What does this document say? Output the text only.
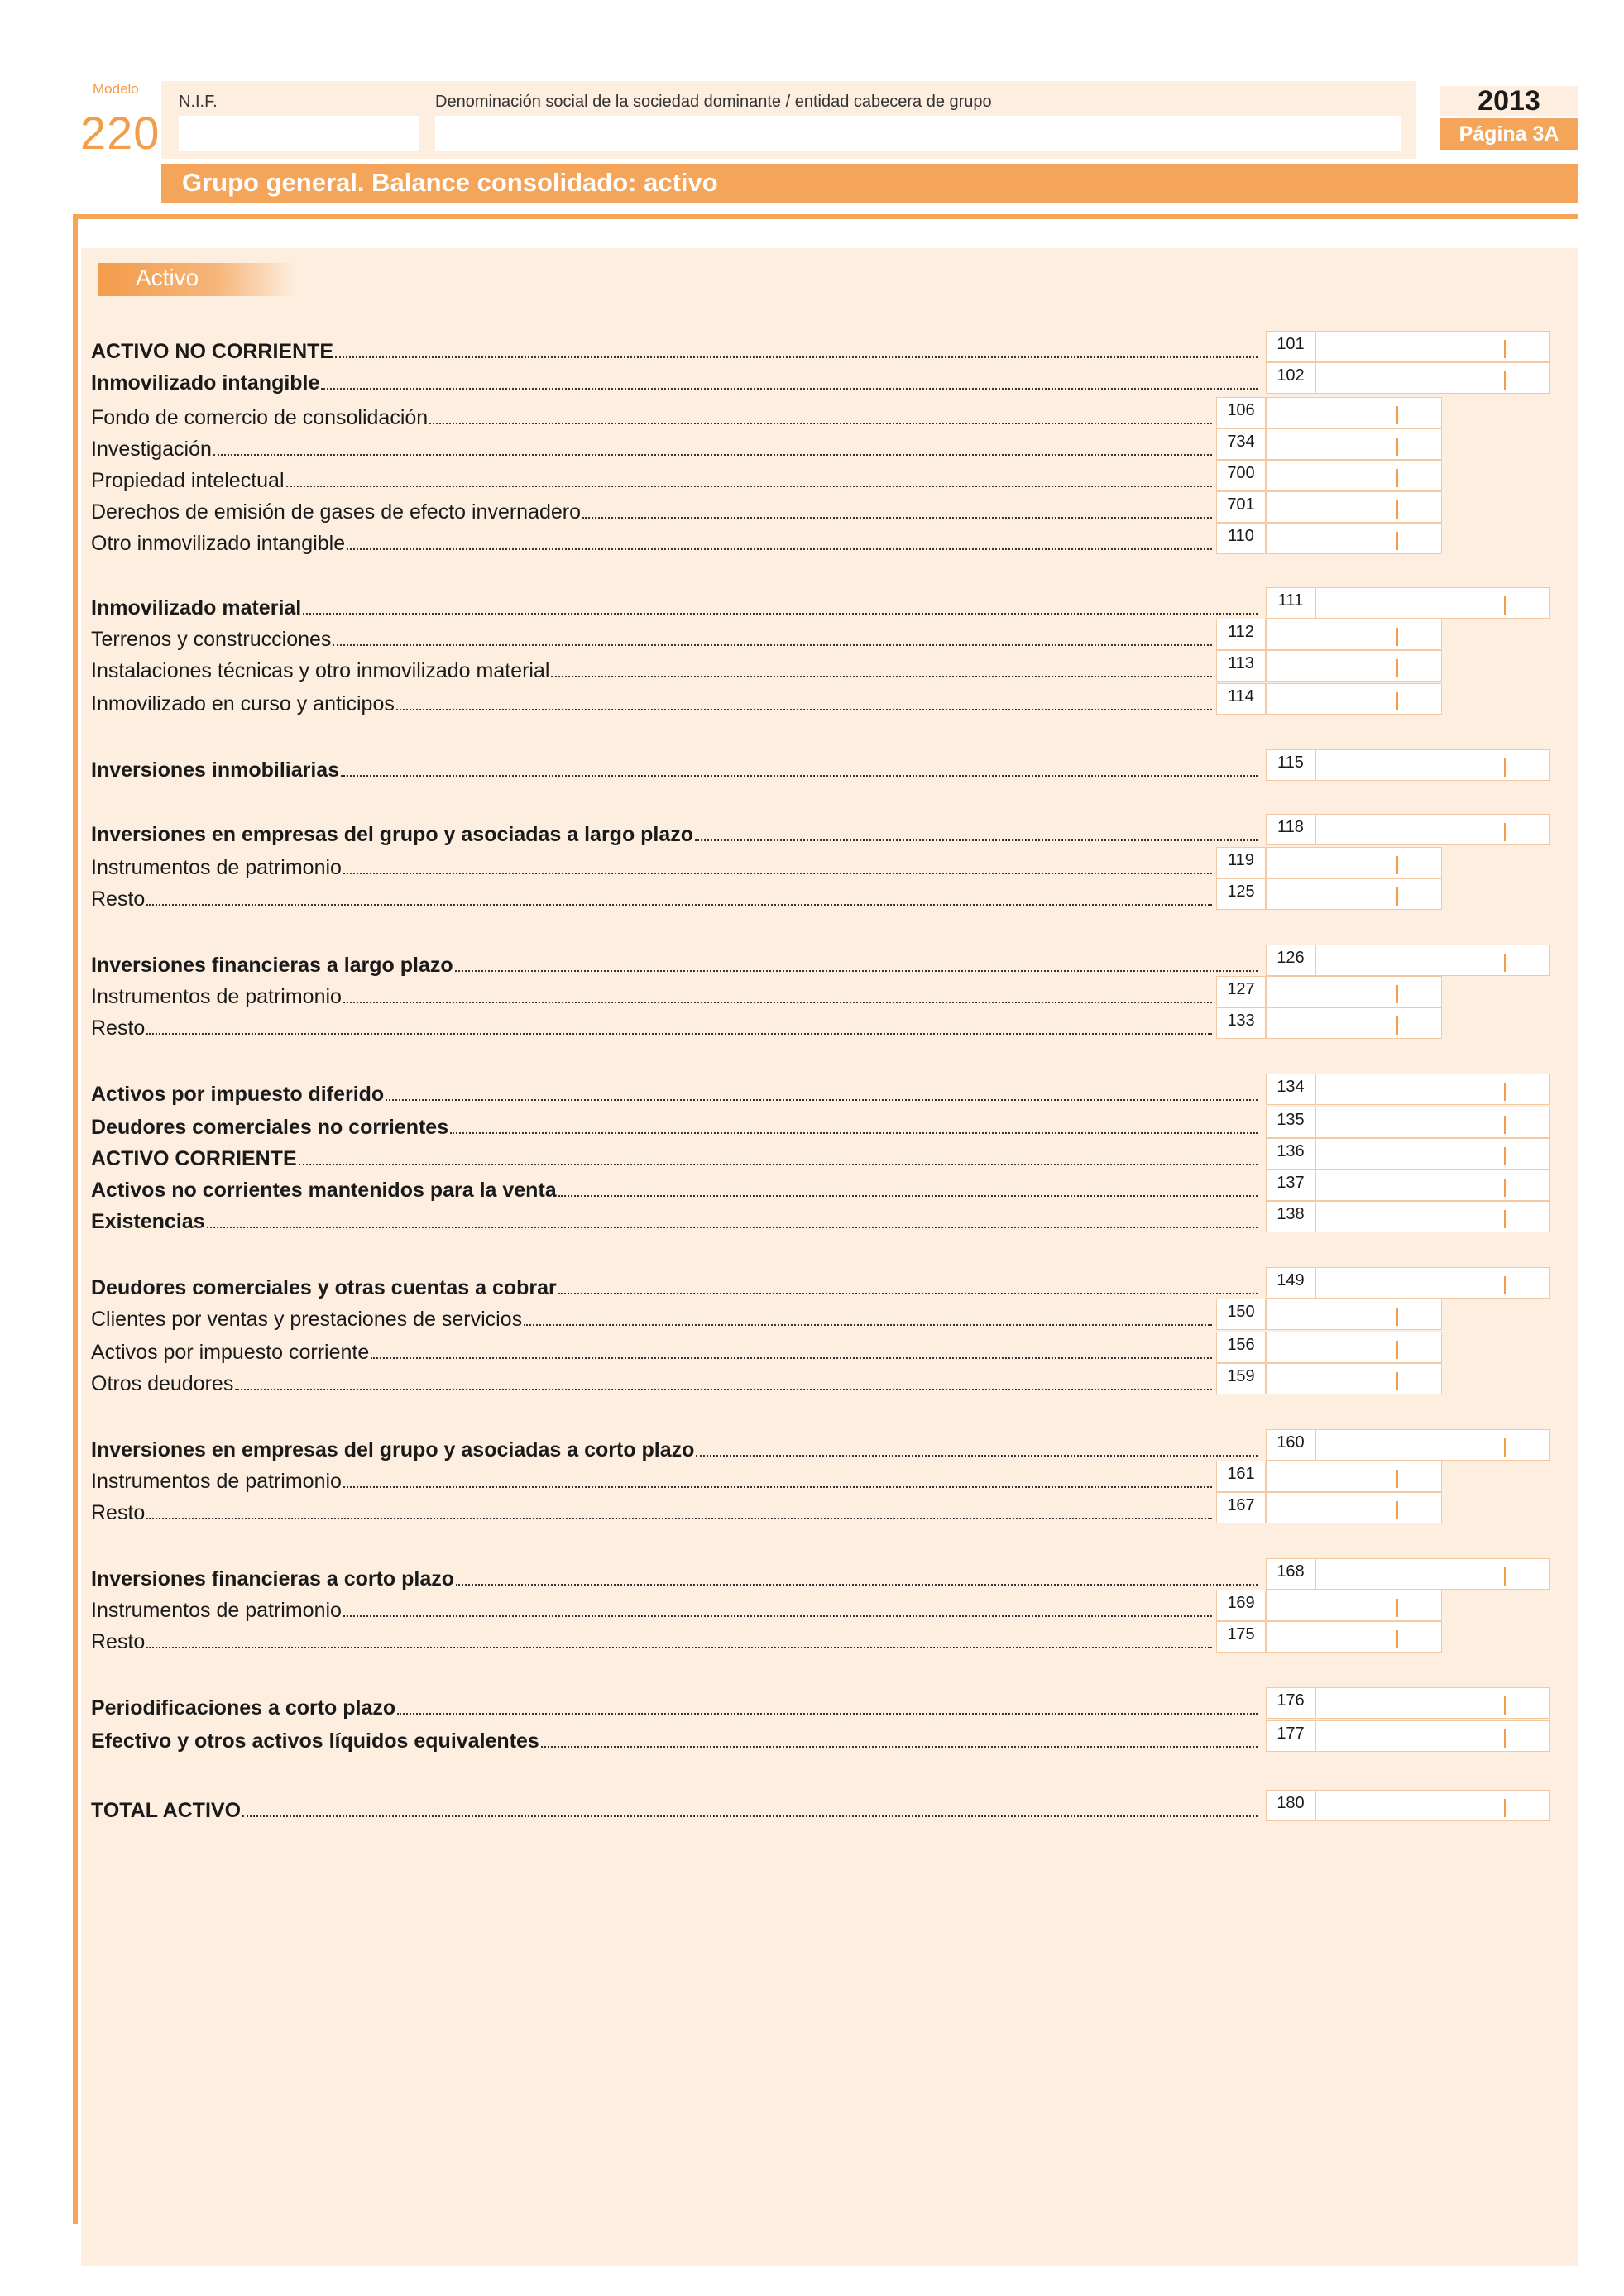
Modelo
220
N.I.F.	Denominación social de la sociedad dominante / entidad cabecera de grupo	2013
Página 3A
Grupo general. Balance consolidado: activo
Activo
ACTIVO NO CORRIENTE	101
Inmovilizado intangible	102
Fondo de comercio de consolidación	106
Investigación	734
Propiedad intelectual	700
Derechos de emisión de gases de efecto invernadero	701
Otro inmovilizado intangible	110
Inmovilizado material	111
Terrenos y construcciones	112
Instalaciones técnicas y otro inmovilizado material	113
Inmovilizado en curso y anticipos	114
Inversiones inmobiliarias	115
Inversiones en empresas del grupo y asociadas a largo plazo	118
Instrumentos de patrimonio	119
Resto	125
Inversiones financieras a largo plazo	126
Instrumentos de patrimonio	127
Resto	133
Activos por impuesto diferido	134
Deudores comerciales no corrientes	135
ACTIVO CORRIENTE	136
Activos no corrientes mantenidos para la venta	137
Existencias	138
Deudores comerciales y otras cuentas a cobrar	149
Clientes por ventas y prestaciones de servicios	150
Activos por impuesto corriente	156
Otros deudores	159
Inversiones en empresas del grupo y asociadas a corto plazo	160
Instrumentos de patrimonio	161
Resto	167
Inversiones financieras a corto plazo	168
Instrumentos de patrimonio	169
Resto	175
Periodificaciones a corto plazo	176
Efectivo y otros activos líquidos equivalentes	177
TOTAL ACTIVO	180
